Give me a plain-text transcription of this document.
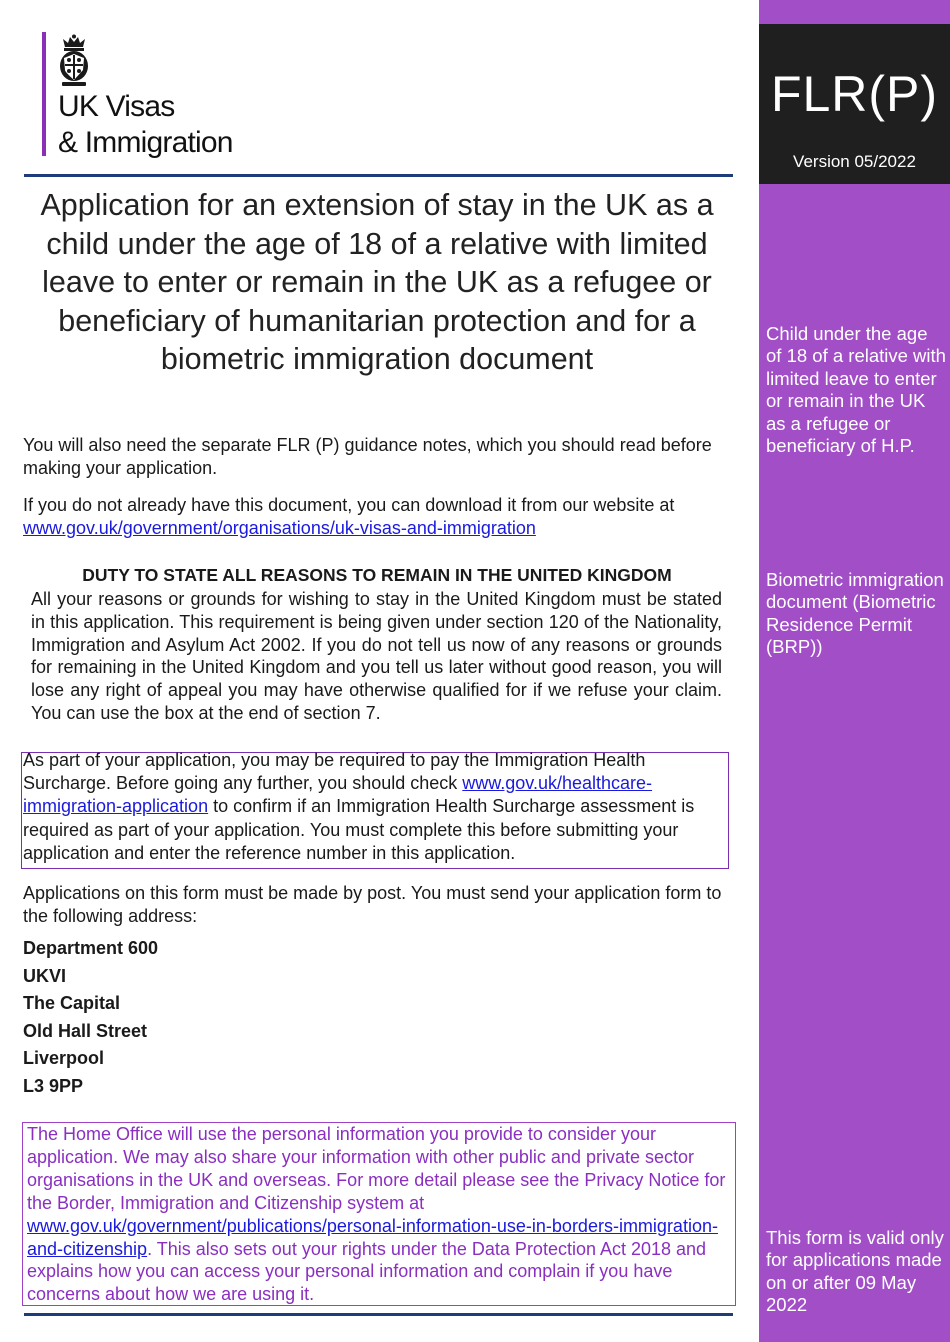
UK Visas
& Immigration
Application for an extension of stay in the UK as a child under the age of 18 of a relative with limited leave to enter or remain in the UK as a refugee or beneficiary of humanitarian protection and for a biometric immigration document

You will also need the separate FLR (P) guidance notes, which you should read before making your application.

If you do not already have this document, you can download it from our website at
www.gov.uk/government/organisations/uk-visas-and-immigration

DUTY TO STATE ALL REASONS TO REMAIN IN THE UNITED KINGDOM

All your reasons or grounds for wishing to stay in the United Kingdom must be stated in this application. This requirement is being given under section 120 of the Nationality, Immigration and Asylum Act 2002. If you do not tell us now of any reasons or grounds for remaining in the United Kingdom and you tell us later without good reason, you will lose any right of appeal you may have otherwise qualified for if we refuse your claim. You can use the box at the end of section 7.

As part of your application, you may be required to pay the Immigration Health Surcharge. Before going any further, you should check www.gov.uk/healthcare-immigration-application to confirm if an Immigration Health Surcharge assessment is required as part of your application. You must complete this before submitting your application and enter the reference number in this application.

Applications on this form must be made by post. You must send your application form to the following address:

Department 600
UKVI
The Capital
Old Hall Street
Liverpool
L3 9PP

The Home Office will use the personal information you provide to consider your application. We may also share your information with other public and private sector organisations in the UK and overseas. For more detail please see the Privacy Notice for the Border, Immigration and Citizenship system at www.gov.uk/government/publications/personal-information-use-in-borders-immigration-and-citizenship. This also sets out your rights under the Data Protection Act 2018 and explains how you can access your personal information and complain if you have concerns about how we are using it.

FLR(P)
Version 05/2022

Child under the age of 18 of a relative with limited leave to enter or remain in the UK as a refugee or beneficiary of H.P.

Biometric immigration document (Biometric Residence Permit (BRP))

This form is valid only for applications made on or after 09 May 2022
